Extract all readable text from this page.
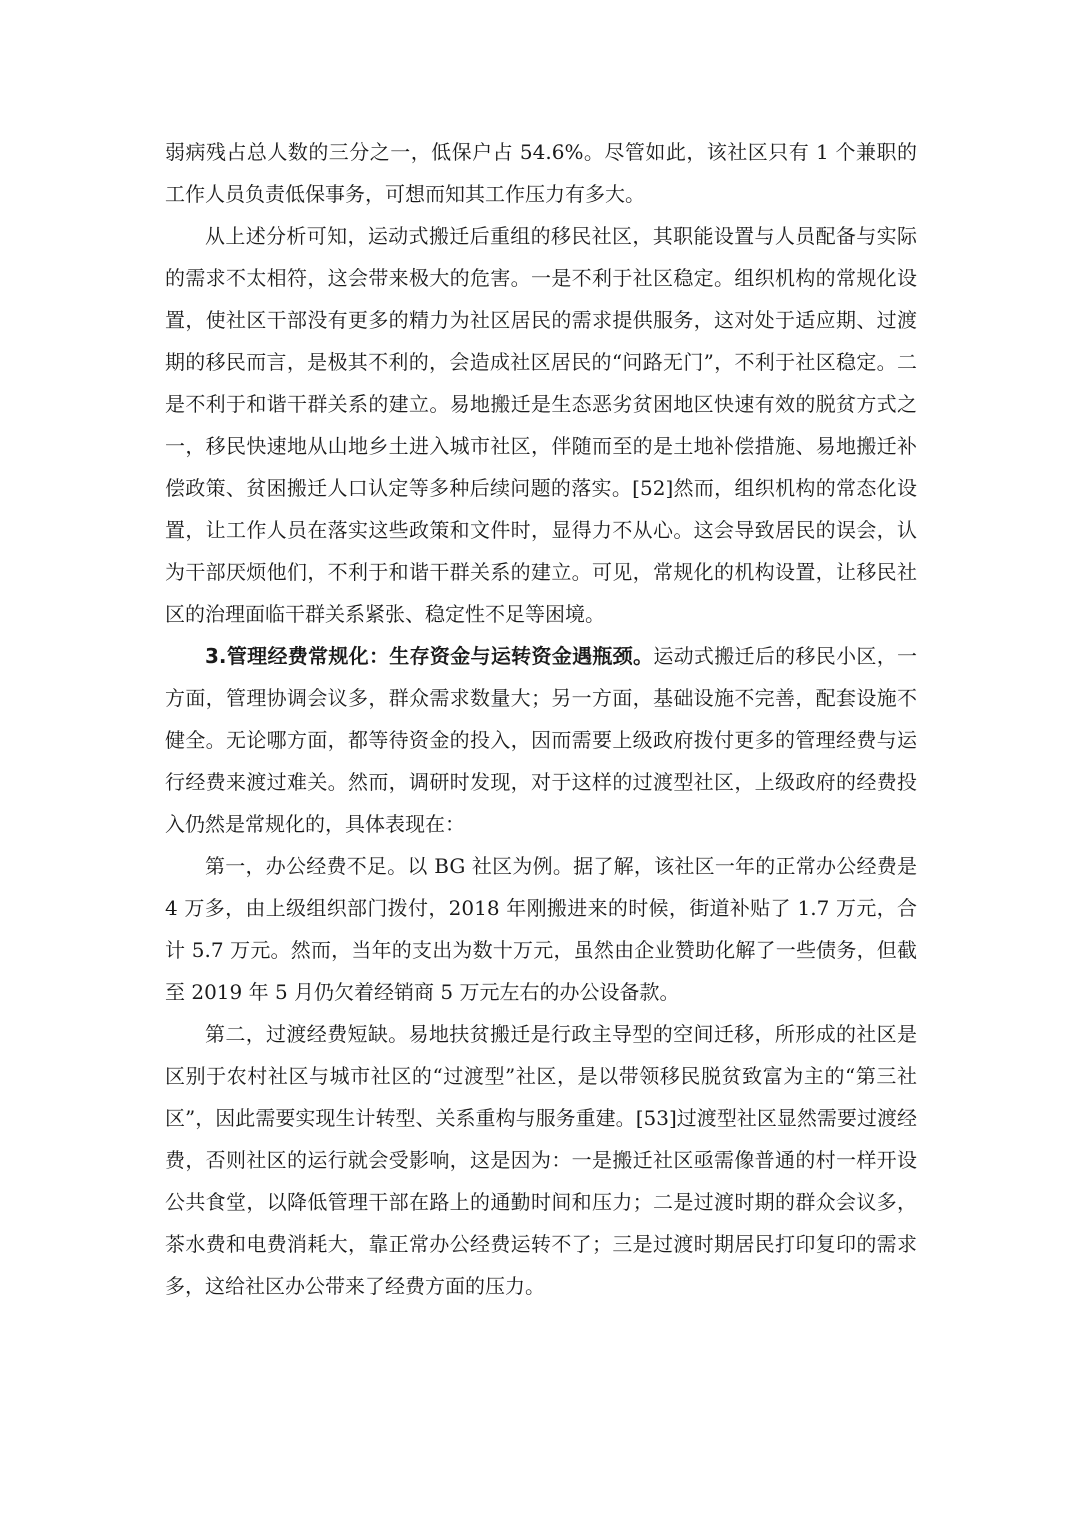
弱病残占总人数的三分之一，低保户占 54.6%。尽管如此，该社区只有 1 个兼职的工作人员负责低保事务，可想而知其工作压力有多大。

从上述分析可知，运动式搬迁后重组的移民社区，其职能设置与人员配备与实际的需求不太相符，这会带来极大的危害。一是不利于社区稳定。组织机构的常规化设置，使社区干部没有更多的精力为社区居民的需求提供服务，这对处于适应期、过渡期的移民而言，是极其不利的，会造成社区居民的“问路无门”，不利于社区稳定。二是不利于和谐干群关系的建立。易地搬迁是生态恶劣贫困地区快速有效的脱贫方式之一，移民快速地从山地乡土进入城市社区，伴随而至的是土地补偿措施、易地搬迁补偿政策、贫困搬迁人口认定等多种后续问题的落实。[52]然而，组织机构的常态化设置，让工作人员在落实这些政策和文件时，显得力不从心。这会导致居民的误会，认为干部厌烦他们，不利于和谐干群关系的建立。可见，常规化的机构设置，让移民社区的治理面临干群关系紧张、稳定性不足等困境。

3.管理经费常规化：生存资金与运转资金遇瓶颈。运动式搬迁后的移民小区，一方面，管理协调会议多，群众需求数量大；另一方面，基础设施不完善，配套设施不健全。无论哪方面，都等待资金的投入，因而需要上级政府拨付更多的管理经费与运行经费来渡过难关。然而，调研时发现，对于这样的过渡型社区，上级政府的经费投入仍然是常规化的，具体表现在：

第一，办公经费不足。以 BG 社区为例。据了解，该社区一年的正常办公经费是 4 万多，由上级组织部门拨付，2018 年刚搬进来的时候，街道补贴了 1.7 万元，合计 5.7 万元。然而，当年的支出为数十万元，虽然由企业赞助化解了一些债务，但截至 2019 年 5 月仍欠着经销商 5 万元左右的办公设备款。

第二，过渡经费短缺。易地扶贫搬迁是行政主导型的空间迁移，所形成的社区是区别于农村社区与城市社区的“过渡型”社区，是以带领移民脱贫致富为主的“第三社区”，因此需要实现生计转型、关系重构与服务重建。[53]过渡型社区显然需要过渡经费，否则社区的运行就会受影响，这是因为：一是搬迁社区亟需像普通的村一样开设公共食堂，以降低管理干部在路上的通勤时间和压力；二是过渡时期的群众会议多，茶水费和电费消耗大，靠正常办公经费运转不了；三是过渡时期居民打印复印的需求多，这给社区办公带来了经费方面的压力。
